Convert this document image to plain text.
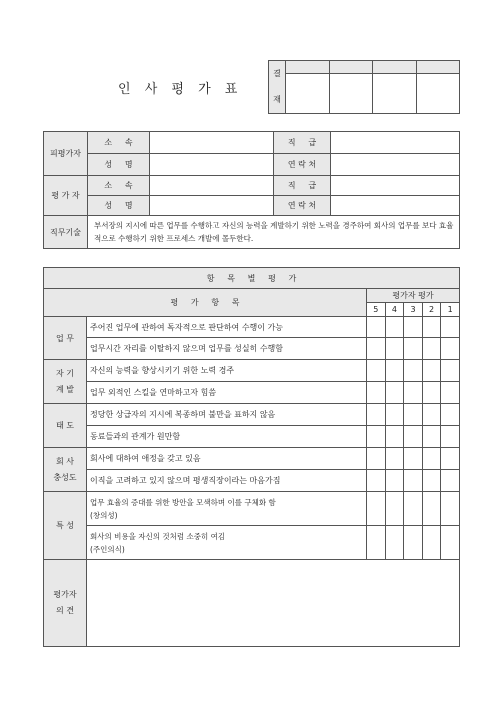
인 사 평 가 표
결
재				

피평가자	소     속		직     급	
	성     명		연 락 처	
평 가 자	소     속		직     급	
	성     명		연 락 처	
직무기술	부서장의 지시에 따른 업무를 수행하고 자신의 능력을 계발하기 위한 노력을 경주하여 회사의 업무를 보다 효율적으로 수행하기 위한 프로세스 개발에 몰두한다.			
항     목     별     평     가						
평     가     항     목		평가자 평가				
		5	4	3	2	1
업 무	주어진 업무에 관하여 독자적으로 판단하여 수행이 가능					
	업무시간 자리를 이탈하지 않으며 업무를 성실히 수행함					
자 기
계 발	자신의 능력을 향상시키기 위한 노력 경주					
	업무 외적인 스킬을 연마하고자 힘씀					
태 도	정당한 상급자의 지시에 복종하며 불만을 표하지 않음					
	동료들과의 관계가 원만함					
회 사
충성도	회사에 대하여 애정을 갖고 있음					
	이직을 고려하고 있지 않으며 평생직장이라는 마음가짐					
특 성	업무 효율의 증대를 위한 방안을 모색하며 이를 구체화 함
(창의성)					
	회사의 비용을 자신의 것처럼 소중히 여김
(주인의식)					
평가자
의 견						
